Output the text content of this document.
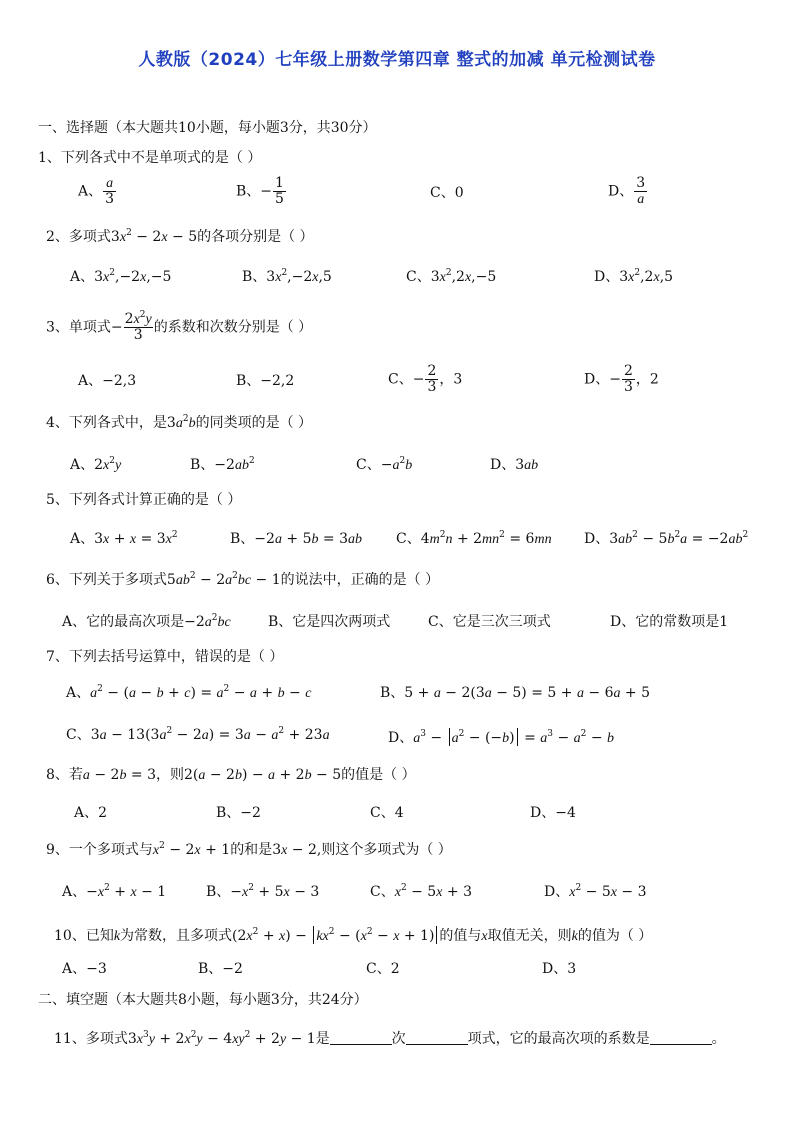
人教版（2024）七年级上册数学第四章 整式的加减 单元检测试卷
一、选择题（本大题共10小题，每小题3分，共30分）
1、下列各式中不是单项式的是（ ）
A、 $\frac{a}{3}$	B、− $\frac{1}{5}$	C、0	D、 $\frac{3}{a}$
2、多项式$3x^2 - 2x - 5$的各项分别是（ ）
A、$3x^2,-2x,-5$	B、$3x^2,-2x,5$	C、$3x^2,2x,-5$	D、$3x^2,2x,5$
3、单项式− $\frac{2x^2y}{3}$ 的系数和次数分别是（ ）
A、−2,3	B、−2,2	C、− $\frac{2}{3}$ ，3	D、− $\frac{2}{3}$ ，2
4、下列各式中，是$3a^2b$的同类项的是（ ）
A、$2x^2y$	B、$-2ab^2$	C、$-a^2b$	D、3ab
5、下列各式计算正确的是（ ）
A、$3x + x = 3x^2$	B、−2a + 5b = 3ab C、$4m^2n + 2mn^2 = 6mn$ D、$3ab^2 - 5b^2a = -2ab^2$
6、下列关于多项式$5ab^2 - 2a^2bc - 1$的说法中，正确的是（ ）
A、它的最高次项是$-2a^2bc$	B、它是四次两项式	C、它是三次三项式	D、它的常数项是1
7、下列去括号运算中，错误的是（ ）
A、$a^2 - (a - b + c) = a^2 - a + b - c$	B、5 + a − 2(3a − 5) = 5 + a − 6a + 5
C、$3a - 13(3a^2 - 2a) = 3a - a^2 + 23a$	D、$a^3 - a^2 - (-b) = a^3 - a^2 - b$
8、若a − 2b = 3，则2(a − 2b) − a + 2b − 5的值是（ ）
A、2	B、−2	C、4	D、−4
9、一个多项式与$x^2 - 2x + 1$的和是3x − 2,则这个多项式为（ ）
A、$-x^2 + x - 1$	B、$-x^2 + 5x - 3$	C、$x^2 - 5x + 3$	D、$x^2 - 5x - 3$
10、已知k为常数，且多项式$(2x^2 + x) - kx^2 - (x^2 - x + 1)$ 的值与x取值无关，则k的值为（ ）
A、−3	B、−2	C、2	D、3
二、填空题（本大题共8小题，每小题3分，共24分）
11、多项式$3x^3y + 2x^2y - 4xy^2 + 2y - 1$是	次	项式，它的最高次项的系数是	。
